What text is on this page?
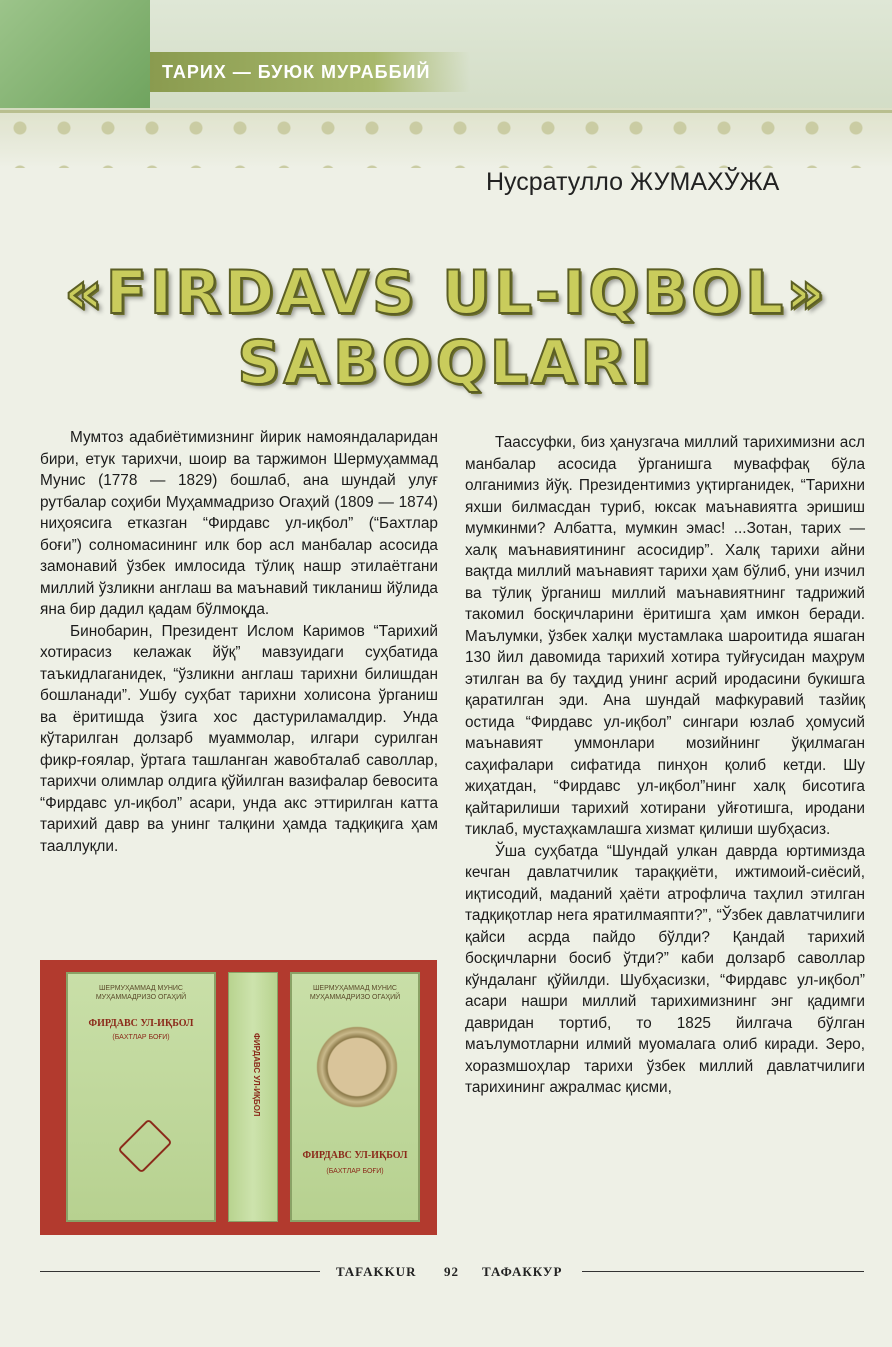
ТАРИХ — БУЮК МУРАББИЙ
Нусратулло ЖУМАХЎЖА
«FIRDAVS UL-IQBOL»
SABOQLARI

Мумтоз адабиётимизнинг йирик намояндаларидан бири, етук тарихчи, шоир ва таржимон Шермуҳаммад Мунис (1778 — 1829) бошлаб, ана шундай улуғ рутбалар соҳиби Муҳаммадризо Огаҳий (1809 — 1874) ниҳоясига етказган “Фирдавс ул-иқбол” (“Бахтлар боғи”) солномасининг илк бор асл манбалар асосида замонавий ўзбек имлосида тўлиқ нашр этилаётгани миллий ўзликни англаш ва маънавий тикланиш йўлида яна бир дадил қадам бўлмоқда.

Бинобарин, Президент Ислом Каримов “Тарихий хотирасиз келажак йўқ” мавзуидаги суҳбатида таъкидлаганидек, “ўзликни англаш тарихни билишдан бошланади”. Ушбу суҳбат тарихни холисона ўрганиш ва ёритишда ўзига хос дастуриламалдир. Унда кўтарилган долзарб муаммолар, илгари сурилган фикр-ғоялар, ўртага ташланган жавобталаб саволлар, тарихчи олимлар олдига қўйилган вазифалар бевосита “Фирдавс ул-иқбол” асари, унда акс эттирилган катта тарихий давр ва унинг талқини ҳамда тадқиқига ҳам тааллуқли.

Таассуфки, биз ҳанузгача миллий тарихимизни асл манбалар асосида ўрганишга муваффақ бўла олганимиз йўқ. Президентимиз уқтирганидек, “Тарихни яхши билмасдан туриб, юксак маънавиятга эришиш мумкинми? Албатта, мумкин эмас! ...Зотан, тарих — халқ маънавиятининг асосидир”. Халқ тарихи айни вақтда миллий маънавият тарихи ҳам бўлиб, уни изчил ва тўлиқ ўрганиш миллий маънавиятнинг тадрижий такомил босқичларини ёритишга ҳам имкон беради. Маълумки, ўзбек халқи мустамлака шароитида яшаган 130 йил давомида тарихий хотира туйғусидан маҳрум этилган ва бу таҳдид унинг асрий иродасини букишга қаратилган эди. Ана шундай мафкуравий тазйиқ остида “Фирдавс ул-иқбол” сингари юзлаб ҳомусий маънавият уммонлари мозийнинг ўқилмаган саҳифалари сифатида пинҳон қолиб кетди. Шу жиҳатдан, “Фирдавс ул-иқбол”нинг халқ бисотига қайтарилиши тарихий хотирани уйғотишга, иродани тиклаб, мустаҳкамлашга хизмат қилиши шубҳасиз.

Ўша суҳбатда “Шундай улкан даврда юртимизда кечган давлатчилик тараққиёти, ижтимоий-сиёсий, иқтисодий, маданий ҳаёти атрофлича таҳлил этилган тадқиқотлар нега яратилмаяпти?”, “Ўзбек давлатчилиги қайси асрда пайдо бўлди? Қандай тарихий босқичларни босиб ўтди?” каби долзарб саволлар кўндаланг қўйилди. Шубҳасизки, “Фирдавс ул-иқбол” асари нашри миллий тарихимизнинг энг қадимги давридан тортиб, то 1825 йилгача бўлган маълумотларни илмий муомалага олиб киради. Зеро, хоразмшоҳлар тарихи ўзбек миллий давлатчилиги тарихининг ажралмас қисми,

ШЕРМУҲАММАД МУНИС
МУҲАММАДРИЗО ОГАҲИЙ
ФИРДАВС УЛ-ИҚБОЛ
(БАХТЛАР БОҒИ)	ФИРДАВС УЛ-ИҚБОЛ
ШЕРМУҲАММАД МУНИС
МУҲАММАДРИЗО ОГАҲИЙ
ФИРДАВС УЛ-ИҚБОЛ
(БАХТЛАР БОҒИ)
TAFAKKUR 92 ТАФАККУР
